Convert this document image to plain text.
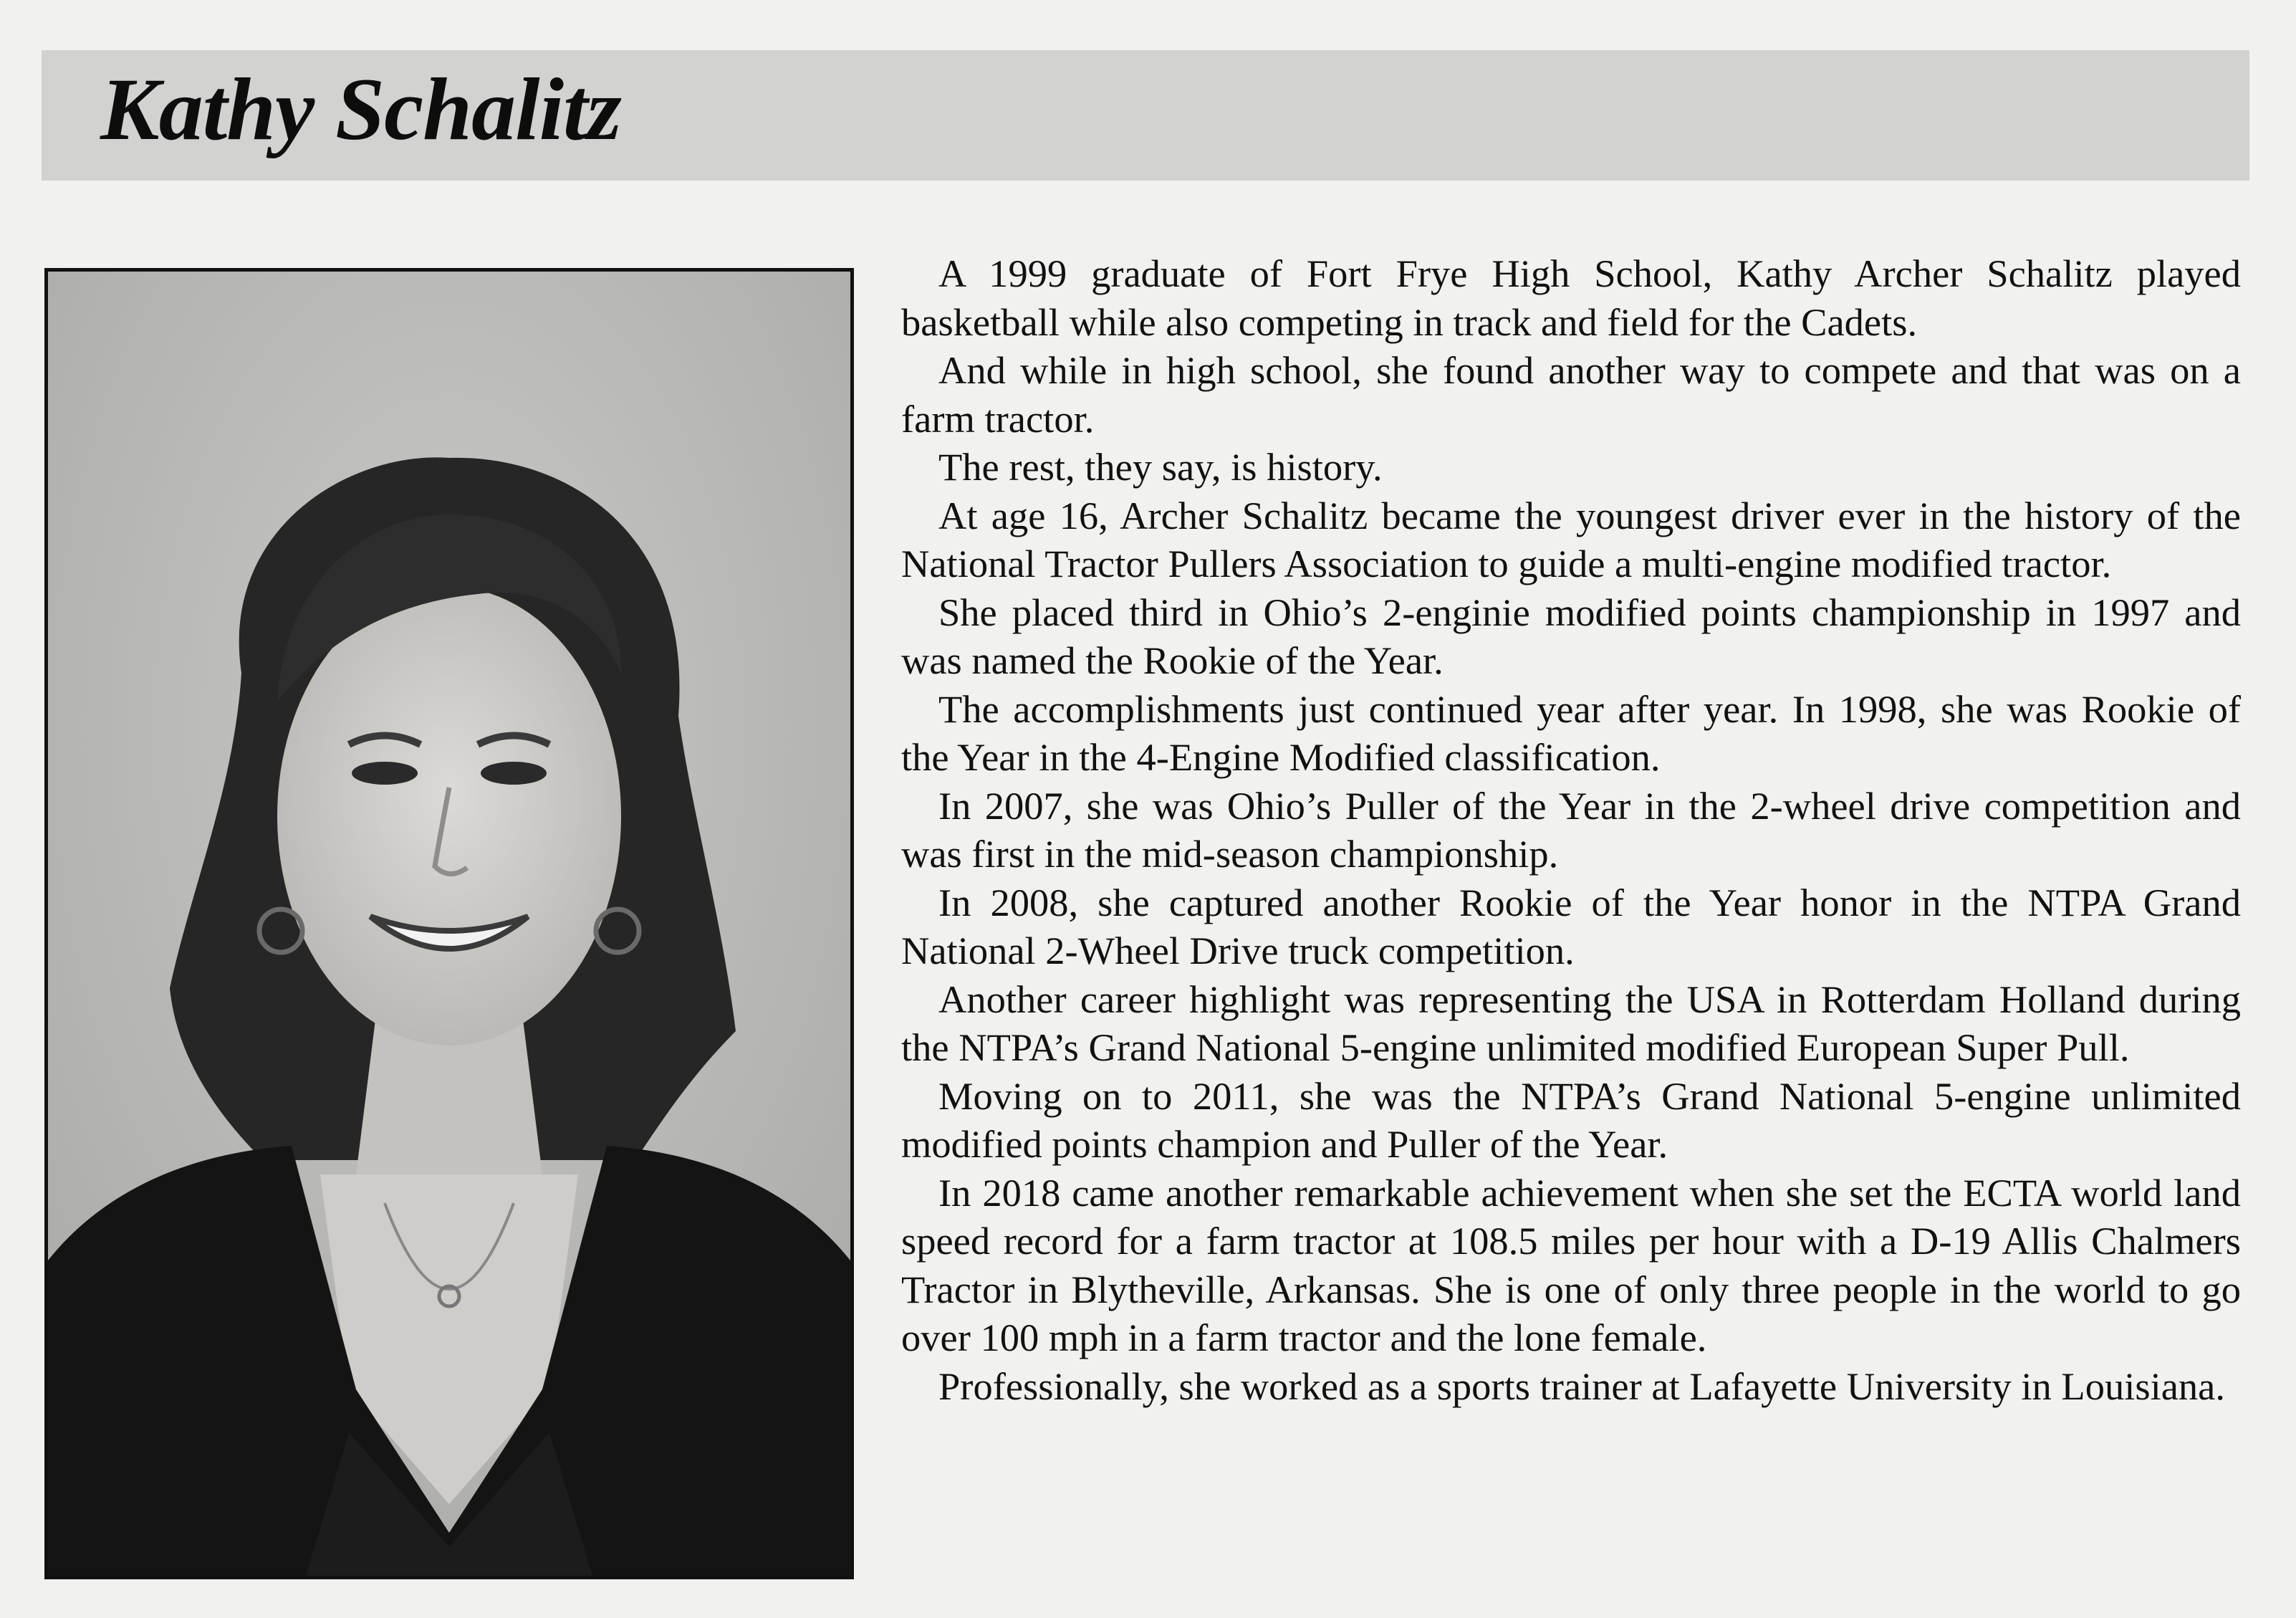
Kathy Schalitz

A 1999 graduate of Fort Frye High School, Kathy Archer Schalitz played basketball while also competing in track and field for the Cadets.

And while in high school, she found another way to compete and that was on a farm tractor.

The rest, they say, is history.

At age 16, Archer Schalitz became the youngest driver ever in the history of the National Tractor Pullers Association to guide a multi-engine modified tractor.

She placed third in Ohio’s 2-enginie modified points championship in 1997 and was named the Rookie of the Year.

The accomplishments just continued year after year. In 1998, she was Rookie of the Year in the 4-Engine Modified classification.

In 2007, she was Ohio’s Puller of the Year in the 2-wheel drive competition and was first in the mid-season championship.

In 2008, she captured another Rookie of the Year honor in the NTPA Grand National 2-Wheel Drive truck competition.

Another career highlight was representing the USA in Rotterdam Holland during the NTPA’s Grand National 5-engine unlimited modified European Super Pull.

Moving on to 2011, she was the NTPA’s Grand National 5-engine unlimited modified points champion and Puller of the Year.

In 2018 came another remarkable achievement when she set the ECTA world land speed record for a farm tractor at 108.5 miles per hour with a D-19 Allis Chalmers Tractor in Blytheville, Arkansas. She is one of only three people in the world to go over 100 mph in a farm tractor and the lone female.

Professionally, she worked as a sports trainer at Lafayette University in Louisiana.
